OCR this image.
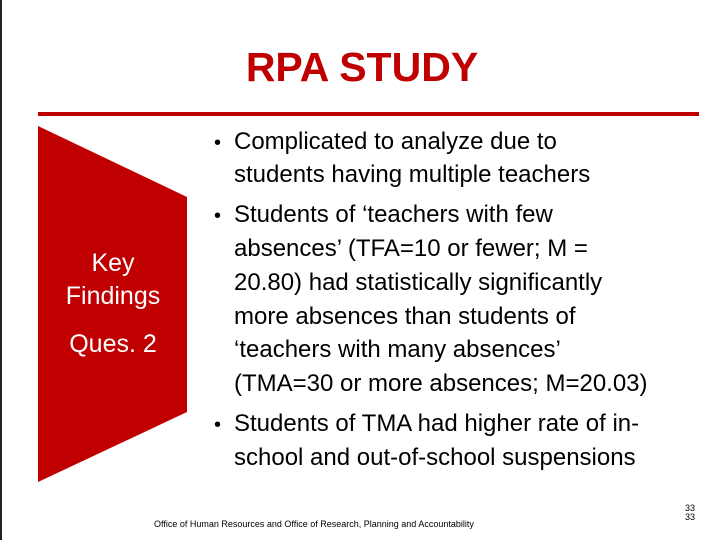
RPA STUDY
Key
Findings
Ques. 2
• Complicated to analyze due to
students having multiple teachers
• Students of ‘teachers with few
absences’ (TFA=10 or fewer; M =
20.80) had statistically significantly
more absences than students of
‘teachers with many absences’
(TMA=30 or more absences; M=20.03)
• Students of TMA had higher rate of in-
school and out-of-school suspensions
Office of Human Resources and Office of Research, Planning and Accountability
33
33
